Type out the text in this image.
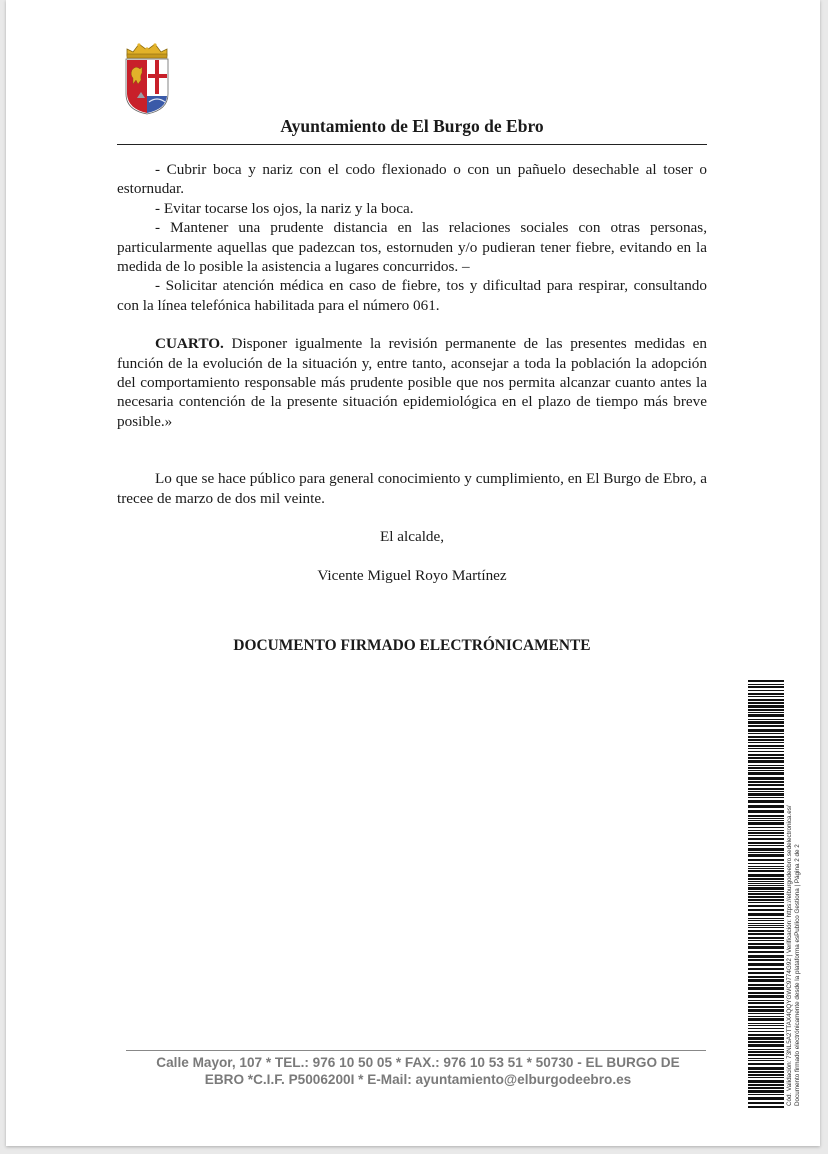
Ayuntamiento de El Burgo de Ebro

- Cubrir boca y nariz con el codo flexionado o con un pañuelo desechable al toser o estornudar.

- Evitar tocarse los ojos, la nariz y la boca.

- Mantener una prudente distancia en las relaciones sociales con otras personas, particularmente aquellas que padezcan tos, estornuden y/o pudieran tener fiebre, evitando en la medida de lo posible la asistencia a lugares concurridos. –

- Solicitar atención médica en caso de fiebre, tos y dificultad para respirar, consultando con la línea telefónica habilitada para el número 061.

CUARTO. Disponer igualmente la revisión permanente de las presentes medidas en función de la evolución de la situación y, entre tanto, aconsejar a toda la población la adopción del comportamiento responsable más prudente posible que nos permita alcanzar cuanto antes la necesaria contención de la presente situación epidemiológica en el plazo de tiempo más breve posible.»

Lo que se hace público para general conocimiento y cumplimiento, en El Burgo de Ebro, a trecee de marzo de dos mil veinte.

El alcalde,

Vicente Miguel Royo Martínez

DOCUMENTO FIRMADO ELECTRÓNICAMENTE
Calle Mayor, 107 * TEL.: 976 10 50 05 * FAX.: 976 10 53 51 * 50730 - EL BURGO DE
EBRO *C.I.F. P5006200I * E-Mail: ayuntamiento@elburgodeebro.es	Cód. Validación: 73NL5A2TTAX4QQYGWC9774G92 | Verificación: https://elburgodeebro.sedelectronica.es/ Documento firmado electrónicamente desde la plataforma esPublico Gestiona | Página 2 de 2
